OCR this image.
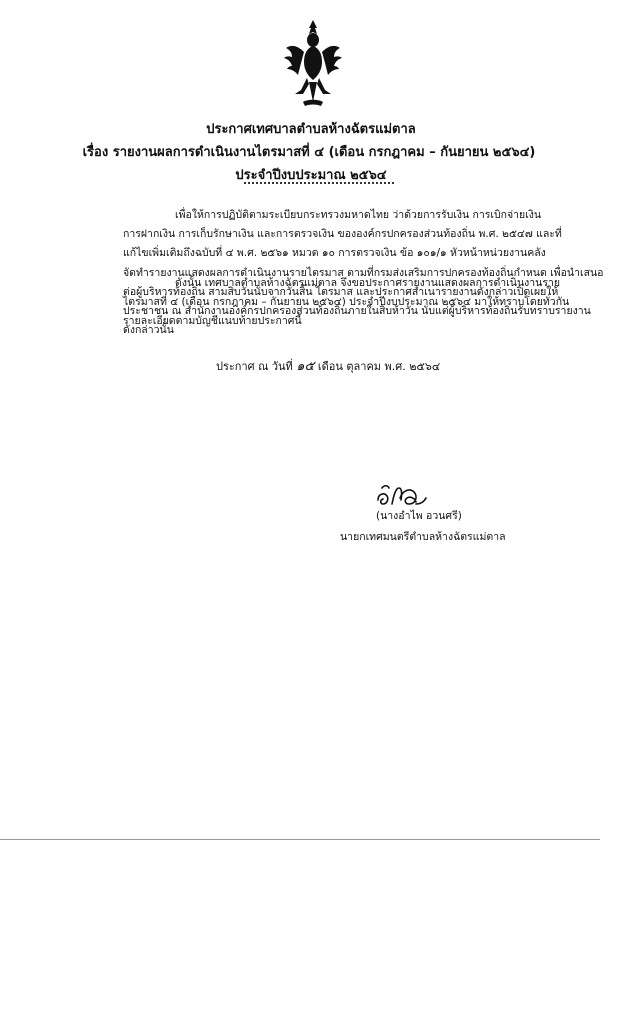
ประกาศเทศบาลตำบลห้างฉัตรแม่ตาล
เรื่อง รายงานผลการดำเนินงานไตรมาสที่ ๔ (เดือน กรกฎาคม – กันยายน ๒๕๖๔)
ประจำปีงบประมาณ ๒๕๖๔
เพื่อให้การปฏิบัติตามระเบียบกระทรวงมหาดไทย ว่าด้วยการรับเงิน การเบิกจ่ายเงิน
การฝากเงิน การเก็บรักษาเงิน และการตรวจเงิน ขององค์กรปกครองส่วนท้องถิ่น พ.ศ. ๒๕๔๗ และที่
แก้ไขเพิ่มเติมถึงฉบับที่ ๔ พ.ศ. ๒๕๖๑ หมวด ๑๐ การตรวจเงิน ข้อ ๑๐๑/๑ หัวหน้าหน่วยงานคลัง
จัดทำรายงานแสดงผลการดำเนินงานรายไตรมาส ตามที่กรมส่งเสริมการปกครองท้องถิ่นกำหนด เพื่อนำเสนอ
ต่อผู้บริหารท้องถิ่น สามสิบวันนับจากวันสิ้น ไตรมาส และประกาศสำเนารายงานดังกล่าวเปิดเผยให้
ประชาชน ณ สำนักงานองค์กรปกครองส่วนท้องถิ่นภายในสิบห้าวัน นับแต่ผู้บริหารท้องถิ่นรับทราบรายงาน
ดังกล่าวนั้น
ดังนั้น เทศบาลตำบลห้างฉัตรแม่ตาล จึงขอประกาศรายงานแสดงผลการดำเนินงานราย
ไตรมาสที่ ๔ (เดือน กรกฎาคม – กันยายน ๒๕๖๔) ประจำปีงบประมาณ ๒๕๖๔ มาให้ทราบโดยทั่วกัน
รายละเอียดตามบัญชีแนบท้ายประกาศนี้
ประกาศ ณ วันที่ ๑๕ เดือน ตุลาคม พ.ศ. ๒๕๖๔
(นางอำไพ อวนศรี)
นายกเทศมนตรีตำบลห้างฉัตรแม่ตาล
